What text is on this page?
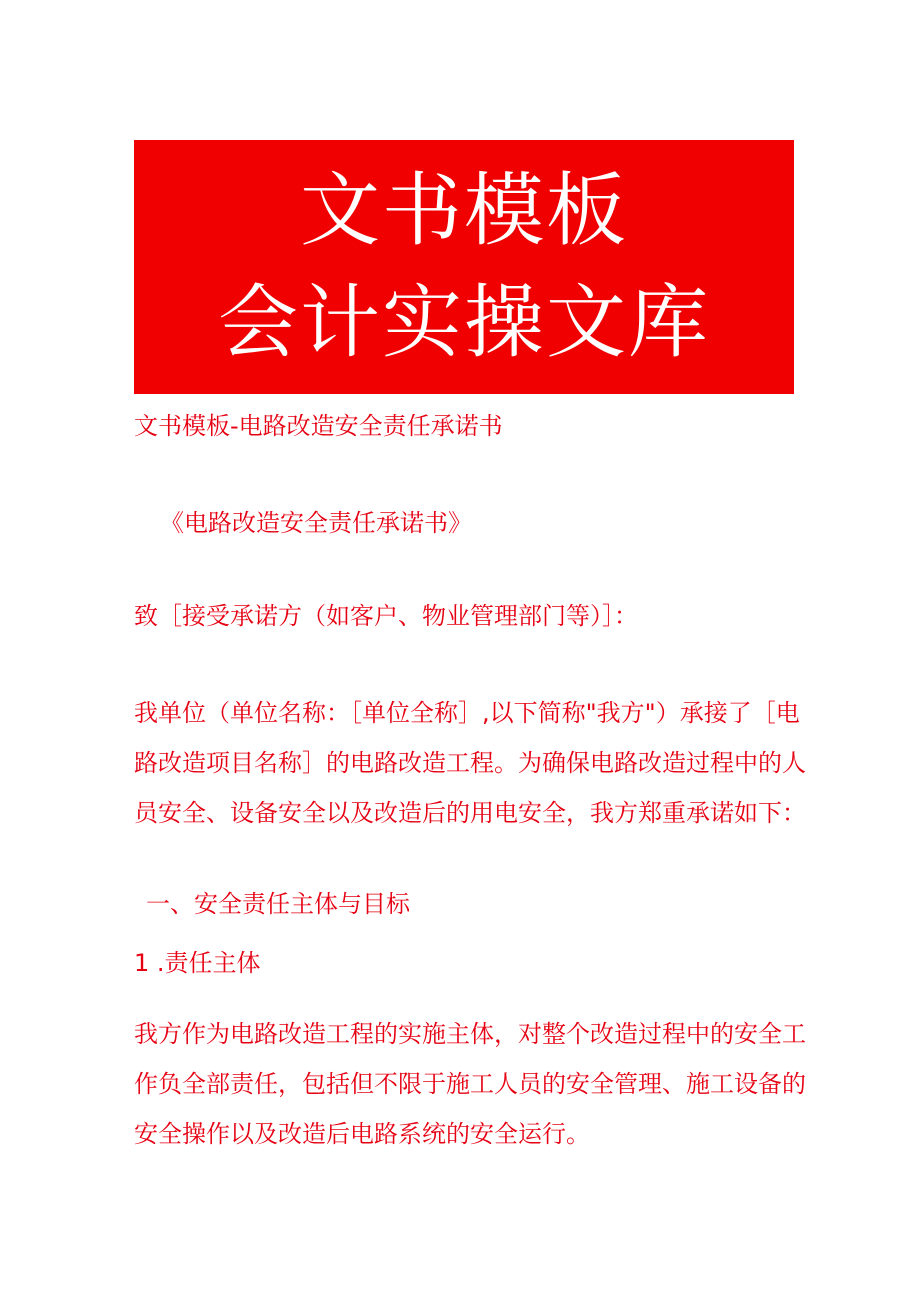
文书模板
会计实操文库
文书模板-电路改造安全责任承诺书
《电路改造安全责任承诺书》
致［接受承诺方（如客户、物业管理部门等）］：
我单位（单位名称：［单位全称］,以下简称"我方"）承接了［电
路改造项目名称］的电路改造工程。为确保电路改造过程中的人
员安全、设备安全以及改造后的用电安全，我方郑重承诺如下：
一、安全责任主体与目标
1 .责任主体
我方作为电路改造工程的实施主体，对整个改造过程中的安全工
作负全部责任，包括但不限于施工人员的安全管理、施工设备的
安全操作以及改造后电路系统的安全运行。
